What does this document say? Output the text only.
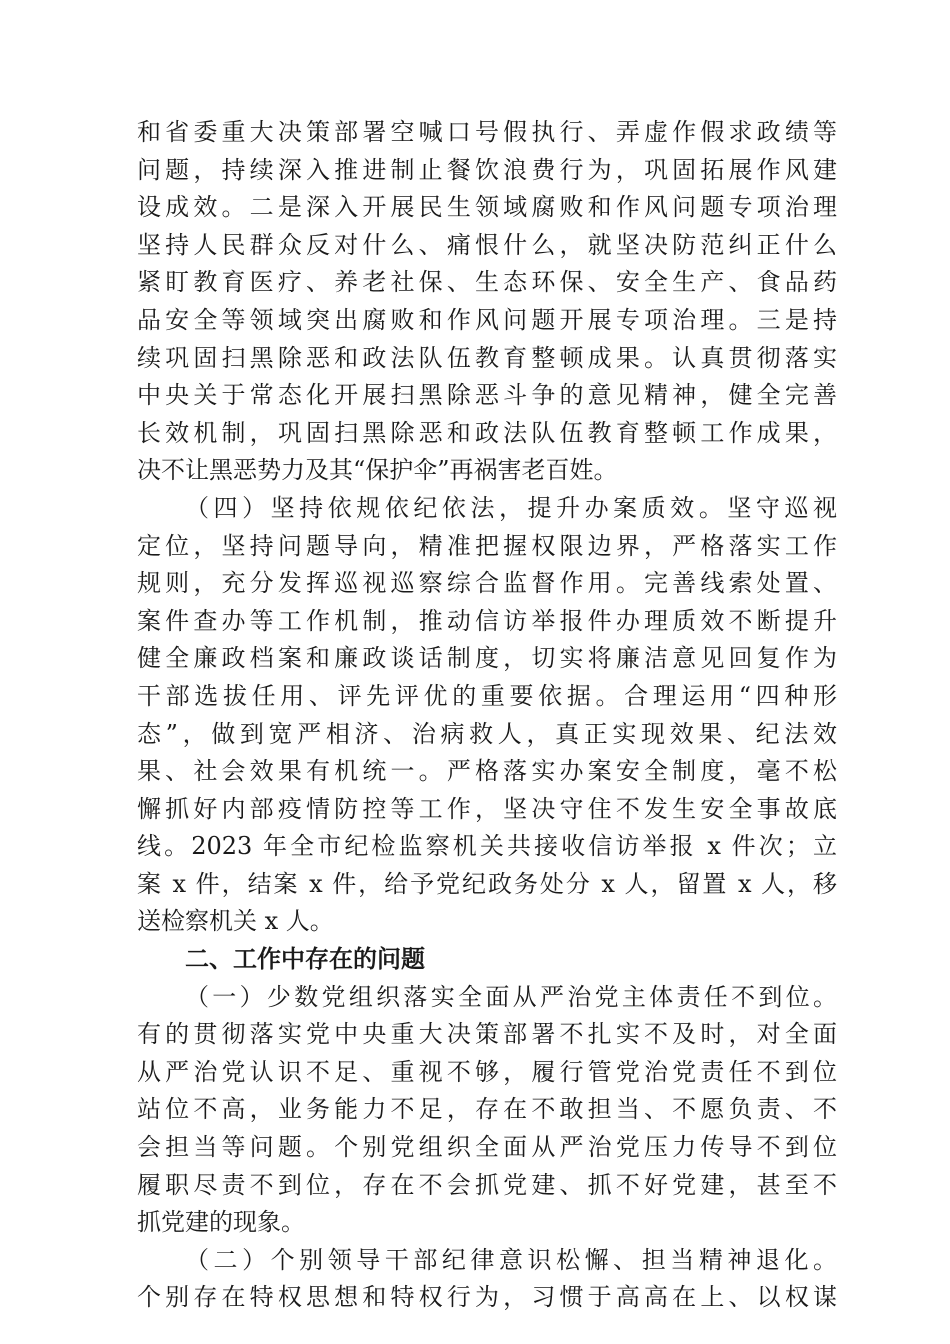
和省委重大决策部署空喊口号假执行、弄虚作假求政绩等
问题，持续深入推进制止餐饮浪费行为，巩固拓展作风建
设成效。二是深入开展民生领域腐败和作风问题专项治理
坚持人民群众反对什么、痛恨什么，就坚决防范纠正什么
紧盯教育医疗、养老社保、生态环保、安全生产、食品药
品安全等领域突出腐败和作风问题开展专项治理。三是持
续巩固扫黑除恶和政法队伍教育整顿成果。认真贯彻落实
中央关于常态化开展扫黑除恶斗争的意见精神，健全完善
长效机制，巩固扫黑除恶和政法队伍教育整顿工作成果，
决不让黑恶势力及其“保护伞”再祸害老百姓。
（四）坚持依规依纪依法，提升办案质效。坚守巡视
定位，坚持问题导向，精准把握权限边界，严格落实工作
规则，充分发挥巡视巡察综合监督作用。完善线索处置、
案件查办等工作机制，推动信访举报件办理质效不断提升
健全廉政档案和廉政谈话制度，切实将廉洁意见回复作为
干部选拔任用、评先评优的重要依据。合理运用“四种形
态”，做到宽严相济、治病救人，真正实现效果、纪法效
果、社会效果有机统一。严格落实办案安全制度，毫不松
懈抓好内部疫情防控等工作，坚决守住不发生安全事故底
线。2023 年全市纪检监察机关共接收信访举报 x 件次；立
案 x 件，结案 x 件，给予党纪政务处分 x 人，留置 x 人，移
送检察机关 x 人。
二、工作中存在的问题
（一）少数党组织落实全面从严治党主体责任不到位。
有的贯彻落实党中央重大决策部署不扎实不及时，对全面
从严治党认识不足、重视不够，履行管党治党责任不到位
站位不高，业务能力不足，存在不敢担当、不愿负责、不
会担当等问题。个别党组织全面从严治党压力传导不到位
履职尽责不到位，存在不会抓党建、抓不好党建，甚至不
抓党建的现象。
（二）个别领导干部纪律意识松懈、担当精神退化。
个别存在特权思想和特权行为，习惯于高高在上、以权谋
